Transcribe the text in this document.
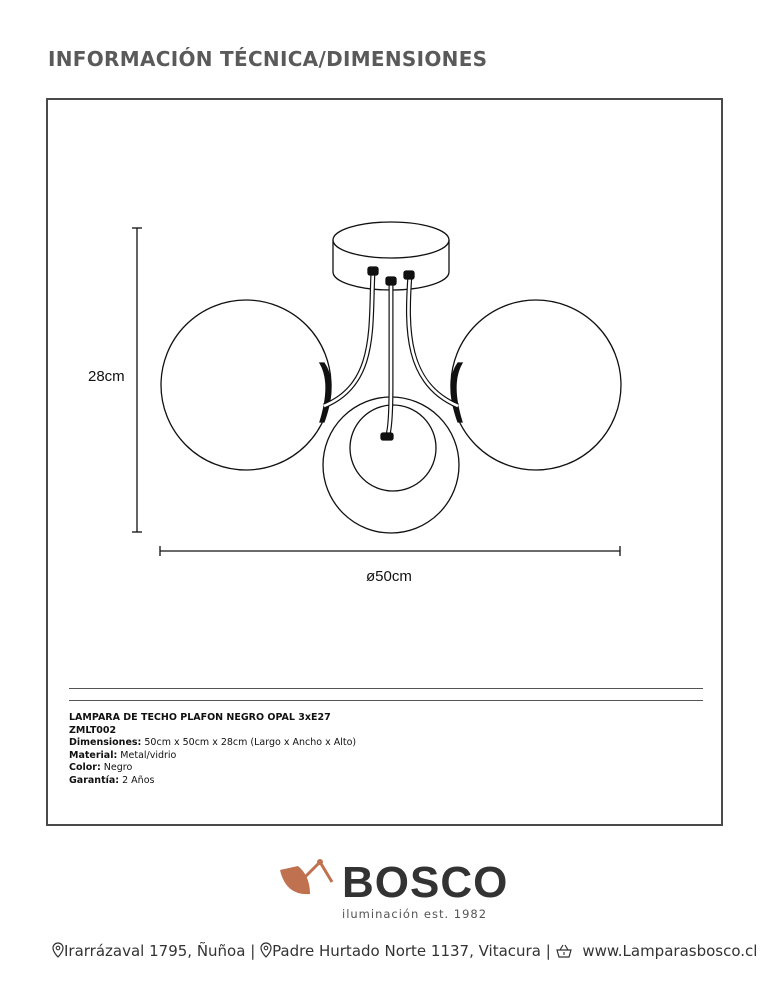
INFORMACIÓN TÉCNICA/DIMENSIONES
28cm
ø50cm
LAMPARA DE TECHO PLAFON NEGRO OPAL 3xE27
ZMLT002
Dimensiones: 50cm x 50cm x 28cm (Largo x Ancho x Alto)
Material: Metal/vidrio
Color: Negro
Garantía: 2 Años
BOSCO
iluminación est. 1982
Irarrázaval 1795, Ñuñoa | Padre Hurtado Norte 1137, Vitacura | www.Lamparasbosco.cl
